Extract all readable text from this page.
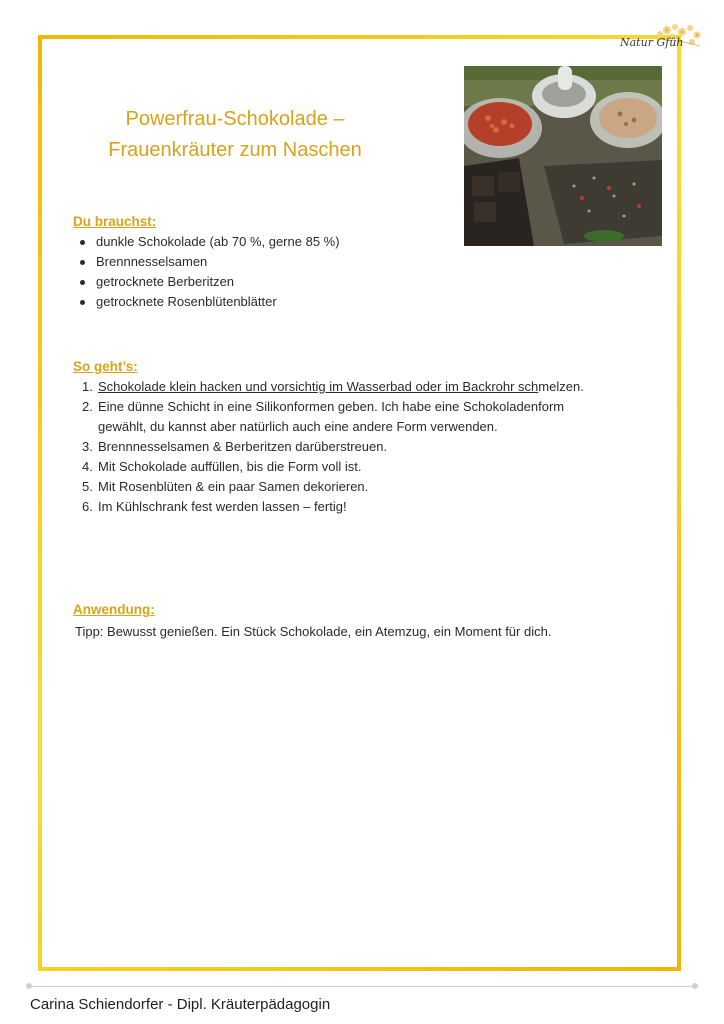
Natur Gfüh
Powerfrau-Schokolade –
Frauenkräuter zum Naschen
Du brauchst:
dunkle Schokolade (ab 70 %, gerne 85 %)
Brennnesselsamen
getrocknete Berberitzen
getrocknete Rosenblütenblätter
So geht’s:
1. Schokolade klein hacken und vorsichtig im Wasserbad oder im Backrohr schmelzen.
2. Eine dünne Schicht in eine Silikonformen geben. Ich habe eine Schokoladenform gewählt, du kannst aber natürlich auch eine andere Form verwenden.
3. Brennnesselsamen & Berberitzen darüberstreuen.
4. Mit Schokolade auffüllen, bis die Form voll ist.
5. Mit Rosenblüten & ein paar Samen dekorieren.
6. Im Kühlschrank fest werden lassen – fertig!
Anwendung:
Tipp: Bewusst genießen. Ein Stück Schokolade, ein Atemzug, ein Moment für dich.
Carina Schiendorfer - Dipl. Kräuterpädagogin
